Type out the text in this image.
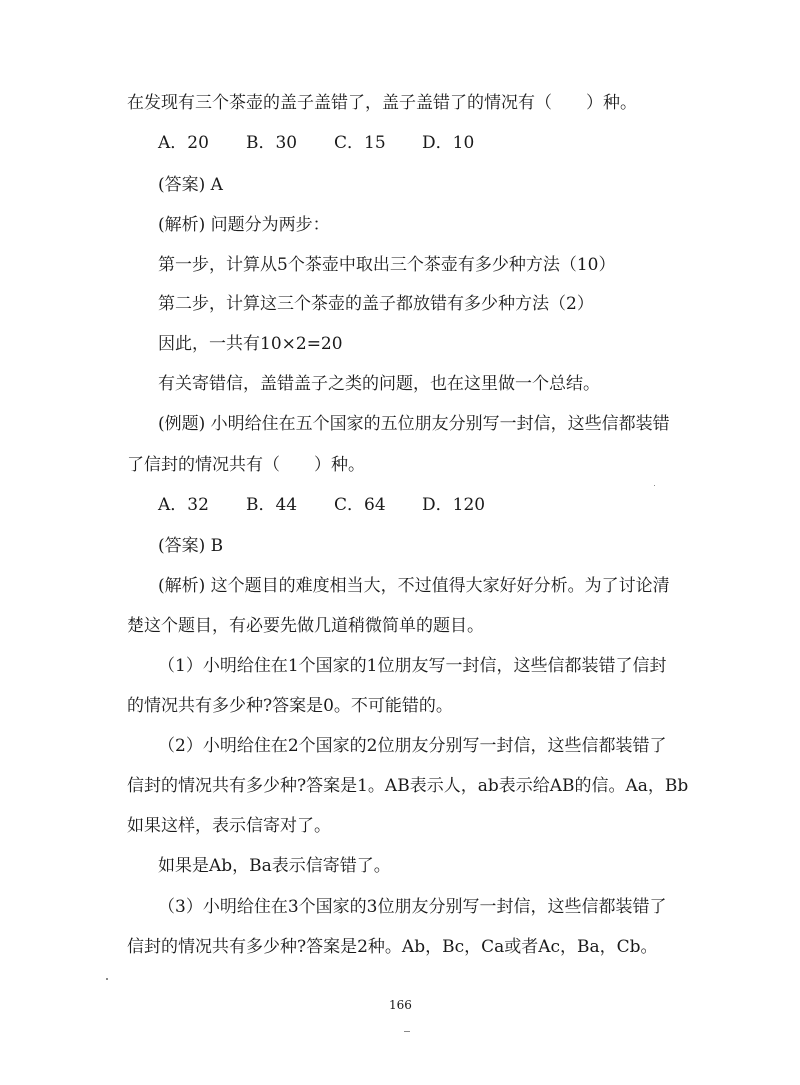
在发现有三个茶壶的盖子盖错了，盖子盖错了的情况有（　　）种。
A．20 B．30 C．15 D．10
(答案) A
(解析) 问题分为两步：
第一步，计算从5个茶壶中取出三个茶壶有多少种方法（10）
第二步，计算这三个茶壶的盖子都放错有多少种方法（2）
因此，一共有10×2=20
有关寄错信，盖错盖子之类的问题，也在这里做一个总结。
(例题) 小明给住在五个国家的五位朋友分别写一封信，这些信都装错
了信封的情况共有（　　）种。
A．32 B．44 C．64 D．120
(答案) B
(解析) 这个题目的难度相当大，不过值得大家好好分析。为了讨论清
楚这个题目，有必要先做几道稍微简单的题目。
（1）小明给住在1个国家的1位朋友写一封信，这些信都装错了信封
的情况共有多少种?答案是0。不可能错的。
（2）小明给住在2个国家的2位朋友分别写一封信，这些信都装错了
信封的情况共有多少种?答案是1。AB表示人，ab表示给AB的信。Aa，Bb
如果这样，表示信寄对了。
如果是Ab，Ba表示信寄错了。
（3）小明给住在3个国家的3位朋友分别写一封信，这些信都装错了
信封的情况共有多少种?答案是2种。Ab，Bc，Ca或者Ac，Ba，Cb。
166
